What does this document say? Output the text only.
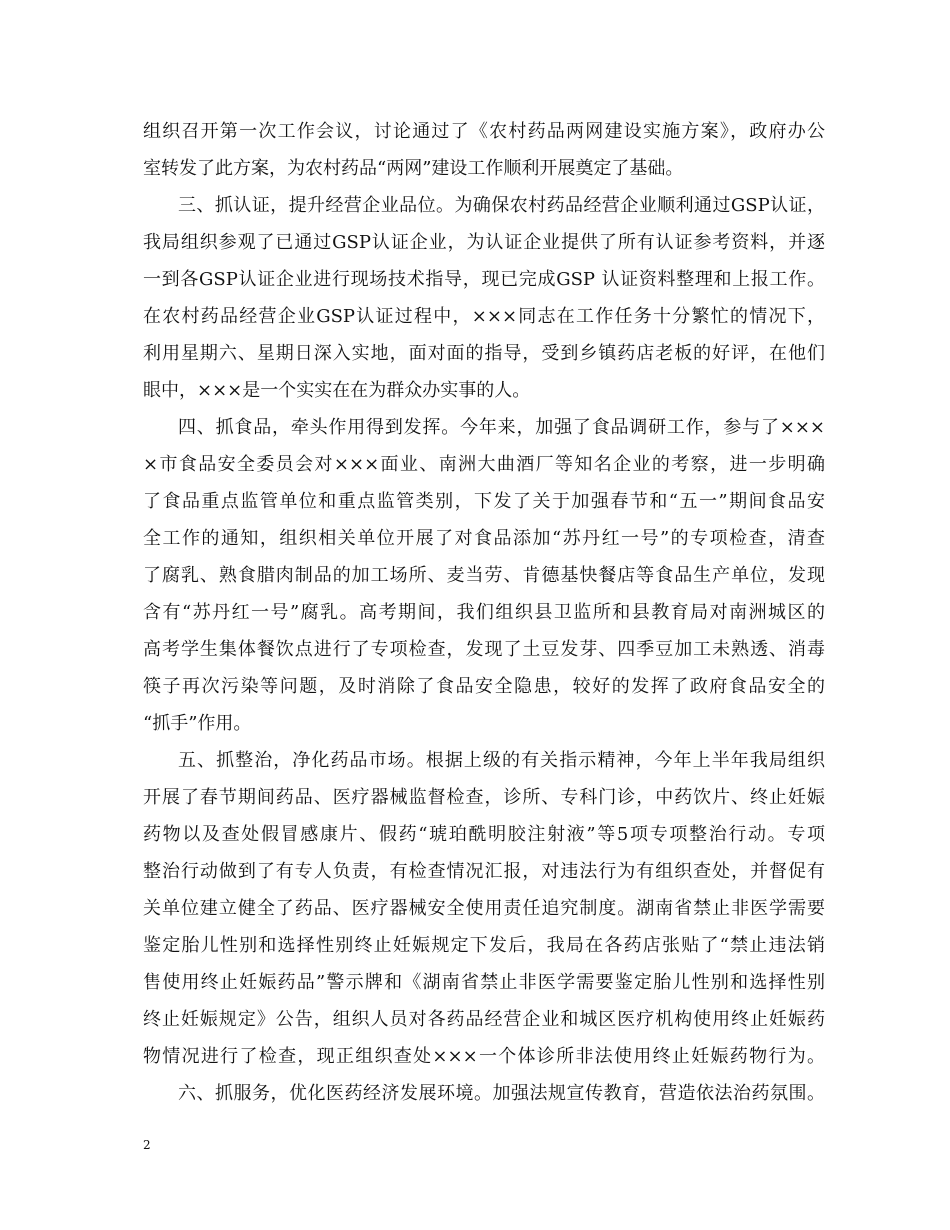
组织召开第一次工作会议，讨论通过了《农村药品两网建设实施方案》，政府办公
室转发了此方案，为农村药品“两网”建设工作顺利开展奠定了基础。
三、抓认证，提升经营企业品位。为确保农村药品经营企业顺利通过GSP认证，
我局组织参观了已通过GSP认证企业，为认证企业提供了所有认证参考资料，并逐
一到各GSP认证企业进行现场技术指导，现已完成GSP 认证资料整理和上报工作。
在农村药品经营企业GSP认证过程中，×××同志在工作任务十分繁忙的情况下，
利用星期六、星期日深入实地，面对面的指导，受到乡镇药店老板的好评，在他们
眼中，×××是一个实实在在为群众办实事的人。
四、抓食品，牵头作用得到发挥。今年来，加强了食品调研工作，参与了×××
×市食品安全委员会对×××面业、南洲大曲酒厂等知名企业的考察，进一步明确
了食品重点监管单位和重点监管类别，下发了关于加强春节和“五一”期间食品安
全工作的通知，组织相关单位开展了对食品添加“苏丹红一号”的专项检查，清查
了腐乳、熟食腊肉制品的加工场所、麦当劳、肯德基快餐店等食品生产单位，发现
含有“苏丹红一号”腐乳。高考期间，我们组织县卫监所和县教育局对南洲城区的
高考学生集体餐饮点进行了专项检查，发现了土豆发芽、四季豆加工未熟透、消毒
筷子再次污染等问题，及时消除了食品安全隐患，较好的发挥了政府食品安全的
“抓手”作用。
五、抓整治，净化药品市场。根据上级的有关指示精神，今年上半年我局组织
开展了春节期间药品、医疗器械监督检查，诊所、专科门诊，中药饮片、终止妊娠
药物以及查处假冒感康片、假药“琥珀酰明胶注射液”等5项专项整治行动。专项
整治行动做到了有专人负责，有检查情况汇报，对违法行为有组织查处，并督促有
关单位建立健全了药品、医疗器械安全使用责任追究制度。湖南省禁止非医学需要
鉴定胎儿性别和选择性别终止妊娠规定下发后，我局在各药店张贴了“禁止违法销
售使用终止妊娠药品”警示牌和《湖南省禁止非医学需要鉴定胎儿性别和选择性别
终止妊娠规定》公告，组织人员对各药品经营企业和城区医疗机构使用终止妊娠药
物情况进行了检查，现正组织查处×××一个体诊所非法使用终止妊娠药物行为。
六、抓服务，优化医药经济发展环境。加强法规宣传教育，营造依法治药氛围。
2
